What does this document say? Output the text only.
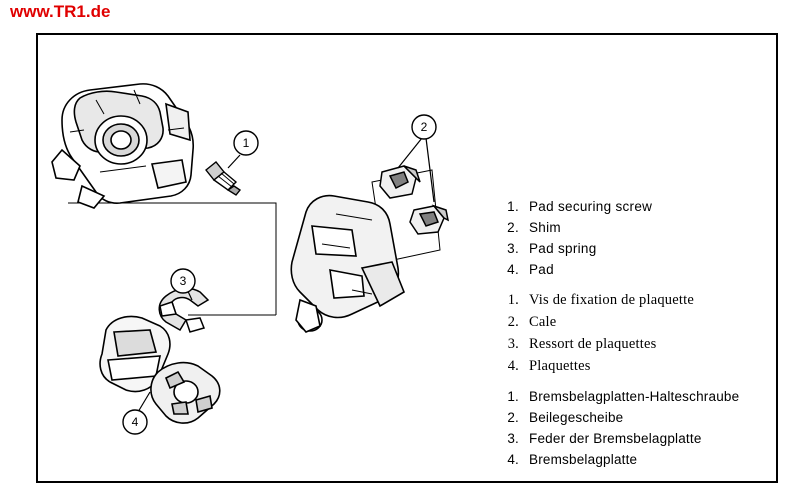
www.TR1.de
1
2
3
4
1. Pad securing screw
2. Shim
3. Pad spring
4. Pad
1. Vis de fixation de plaquette
2. Cale
3. Ressort de plaquettes
4. Plaquettes
1. Bremsbelagplatten-Halteschraube
2. Beilegescheibe
3. Feder der Bremsbelagplatte
4. Bremsbelagplatte
